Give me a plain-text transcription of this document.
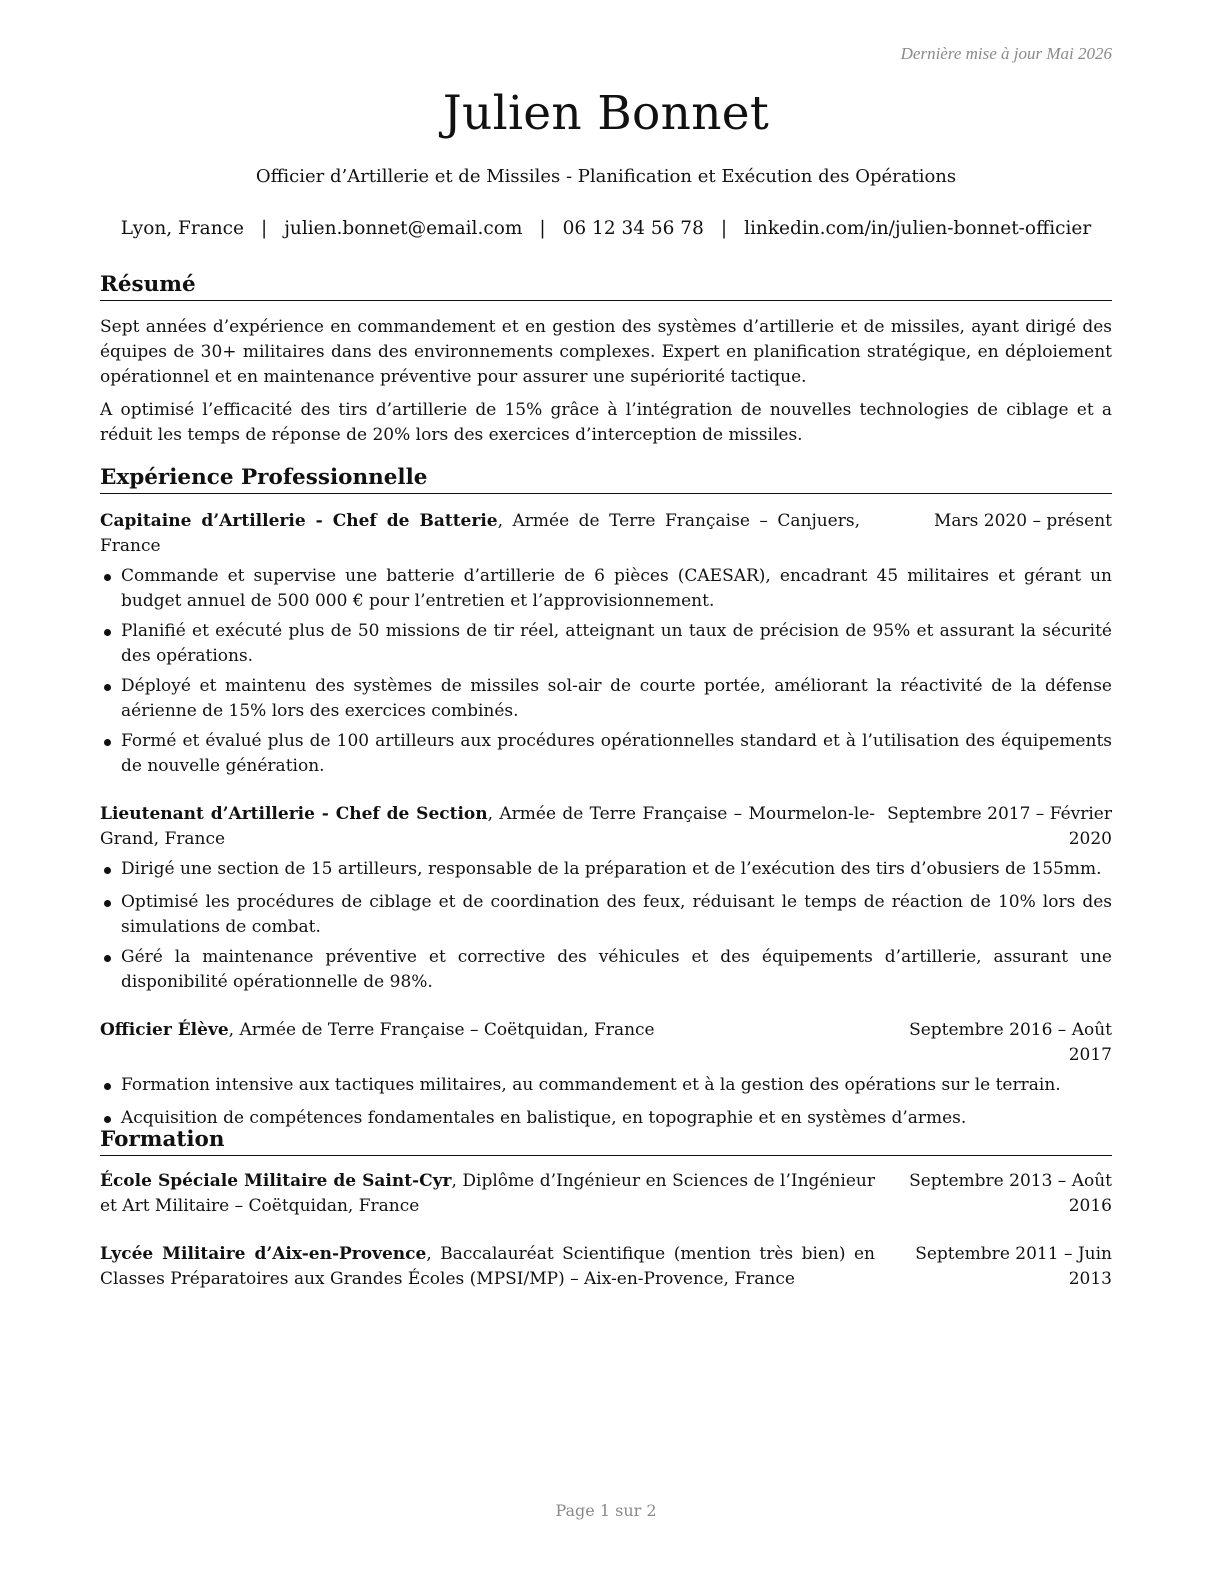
Dernière mise à jour Mai 2026
Julien Bonnet
Officier d’Artillerie et de Missiles - Planification et Exécution des Opérations
Lyon, France | julien.bonnet@email.com | 06 12 34 56 78 | linkedin.com/in/julien-bonnet-officier
Résumé

Sept années d’expérience en commandement et en gestion des systèmes d’artillerie et de missiles, ayant dirigé des équipes de 30+ militaires dans des environnements complexes. Expert en planification stratégique, en déploiement opérationnel et en maintenance préventive pour assurer une supériorité tactique.

A optimisé l’efficacité des tirs d’artillerie de 15% grâce à l’intégration de nouvelles technologies de ciblage et a réduit les temps de réponse de 20% lors des exercices d’interception de missiles.

Expérience Professionnelle
Capitaine d’Artillerie - Chef de Batterie, Armée de Terre Française – Canjuers, France
Mars 2020 – présent
Commande et supervise une batterie d’artillerie de 6 pièces (CAESAR), encadrant 45 militaires et gérant un budget annuel de 500 000 € pour l’entretien et l’approvisionnement.
Planifié et exécuté plus de 50 missions de tir réel, atteignant un taux de précision de 95% et assurant la sécurité des opérations.
Déployé et maintenu des systèmes de missiles sol-air de courte portée, améliorant la réactivité de la défense aérienne de 15% lors des exercices combinés.
Formé et évalué plus de 100 artilleurs aux procédures opérationnelles standard et à l’utilisation des équipements de nouvelle génération.
Lieutenant d’Artillerie - Chef de Section, Armée de Terre Française – Mourmelon-le-Grand, France
Septembre 2017 – Février 2020
Dirigé une section de 15 artilleurs, responsable de la préparation et de l’exécution des tirs d’obusiers de 155mm.
Optimisé les procédures de ciblage et de coordination des feux, réduisant le temps de réaction de 10% lors des simulations de combat.
Géré la maintenance préventive et corrective des véhicules et des équipements d’artillerie, assurant une disponibilité opérationnelle de 98%.
Officier Élève, Armée de Terre Française – Coëtquidan, France	Septembre 2016 – Août 2017
Formation intensive aux tactiques militaires, au commandement et à la gestion des opérations sur le terrain.
Acquisition de compétences fondamentales en balistique, en topographie et en systèmes d’armes.
Formation
École Spéciale Militaire de Saint-Cyr, Diplôme d’Ingénieur en Sciences de l’Ingénieur et Art Militaire – Coëtquidan, France
Septembre 2013 – Août 2016
Lycée Militaire d’Aix-en-Provence, Baccalauréat Scientifique (mention très bien) en Classes Préparatoires aux Grandes Écoles (MPSI/MP) – Aix-en-Provence, France
Septembre 2011 – Juin 2013
Page 1 sur 2
